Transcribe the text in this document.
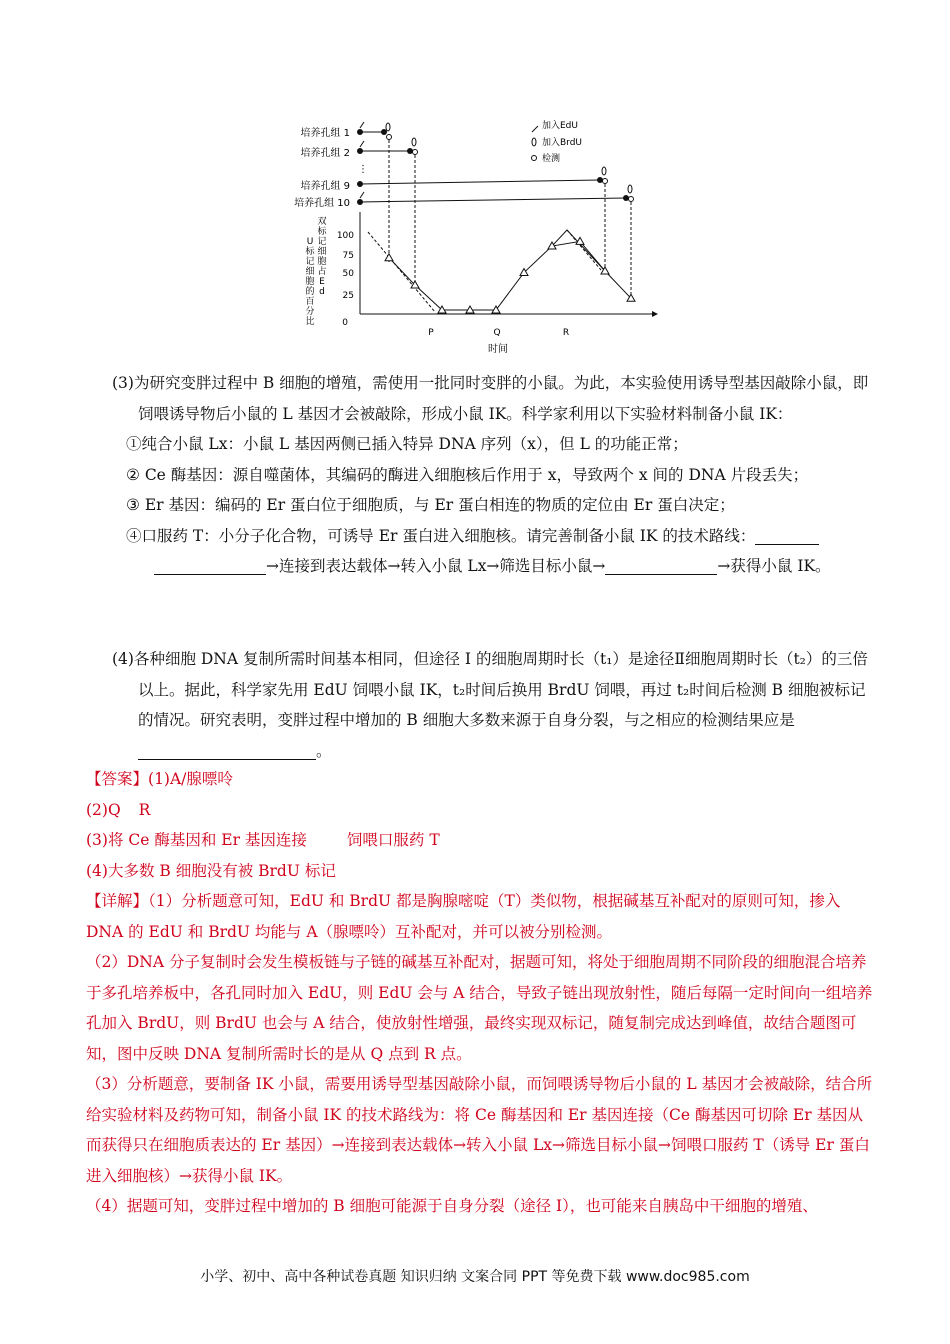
培养孔组 1
培养孔组 2
培养孔组 9
培养孔组 10
⋮
加入EdU
加入BrdU
检测
双
标
记
细
胞
占
E
d
U
标
记
细
胞
的
百
分
比
100
75
50
25
0
P	Q	R
时间

(3)为研究变胖过程中 B 细胞的增殖，需使用一批同时变胖的小鼠。为此，本实验使用诱导型基因敲除小鼠，即饲喂诱导物后小鼠的 L 基因才会被敲除，形成小鼠 IK。科学家利用以下实验材料制备小鼠 IK：

①纯合小鼠 Lx：小鼠 L 基因两侧已插入特异 DNA 序列（x），但 L 的功能正常；

② Ce 酶基因：源自噬菌体，其编码的酶进入细胞核后作用于 x，导致两个 x 间的 DNA 片段丢失；

③ Er 基因：编码的 Er 蛋白位于细胞质，与 Er 蛋白相连的物质的定位由 Er 蛋白决定；

④口服药 T：小分子化合物，可诱导 Er 蛋白进入细胞核。请完善制备小鼠 IK 的技术路线：

→连接到表达载体→转入小鼠 Lx→筛选目标小鼠→	→获得小鼠 IK。

(4)各种细胞 DNA 复制所需时间基本相同，但途径 I 的细胞周期时长（t₁）是途径Ⅱ细胞周期时长（t₂）的三倍以上。据此，科学家先用 EdU 饲喂小鼠 IK，t₂时间后换用 BrdU 饲喂，再过 t₂时间后检测 B 细胞被标记的情况。研究表明，变胖过程中增加的 B 细胞大多数来源于自身分裂，与之相应的检测结果应是。

【答案】(1)A/腺嘌呤

(2)Q R

(3)将 Ce 酶基因和 Er 基因连接	饲喂口服药 T

(4)大多数 B 细胞没有被 BrdU 标记

【详解】（1）分析题意可知，EdU 和 BrdU 都是胸腺嘧啶（T）类似物，根据碱基互补配对的原则可知，掺入 DNA 的 EdU 和 BrdU 均能与 A（腺嘌呤）互补配对，并可以被分别检测。

（2）DNA 分子复制时会发生模板链与子链的碱基互补配对，据题可知，将处于细胞周期不同阶段的细胞混合培养于多孔培养板中，各孔同时加入 EdU，则 EdU 会与 A 结合，导致子链出现放射性，随后每隔一定时间向一组培养孔加入 BrdU，则 BrdU 也会与 A 结合，使放射性增强，最终实现双标记，随复制完成达到峰值，故结合题图可知，图中反映 DNA 复制所需时长的是从 Q 点到 R 点。

（3）分析题意，要制备 IK 小鼠，需要用诱导型基因敲除小鼠，而饲喂诱导物后小鼠的 L 基因才会被敲除，结合所给实验材料及药物可知，制备小鼠 IK 的技术路线为：将 Ce 酶基因和 Er 基因连接（Ce 酶基因可切除 Er 基因从而获得只在细胞质表达的 Er 基因）→连接到表达载体→转入小鼠 Lx→筛选目标小鼠→饲喂口服药 T（诱导 Er 蛋白进入细胞核）→获得小鼠 IK。

（4）据题可知，变胖过程中增加的 B 细胞可能源于自身分裂（途径 I），也可能来自胰岛中干细胞的增殖、

小学、初中、高中各种试卷真题 知识归纳 文案合同 PPT 等免费下载 www.doc985.com
